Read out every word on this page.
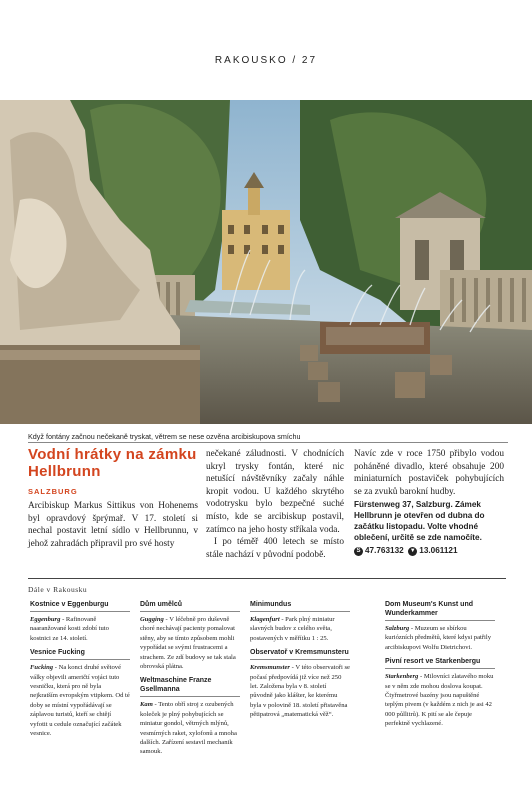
RAKOUSKO / 27
Když fontány začnou nečekaně tryskat, větrem se nese ozvěna arcibiskupova smíchu
Vodní hrátky na zámku Hellbrunn
SALZBURG

Arcibiskup Markus Sittikus von Hohenems byl opravdový šprýmař. V 17. století si nechal postavit letní sídlo v Hellbrunnu, v jehož zahradách připravil pro své hosty

nečekané záludnosti. V chodnících ukryl trysky fontán, které nic netušící návštěvníky začaly náhle kropit vodou. U každého skrytého vodotrysku bylo bezpečné suché místo, kde se arcibiskup postavil, zatímco na jeho hosty stříkala voda.

I po téměř 400 letech se místo stále nachází v původní podobě.

Navíc zde v roce 1750 přibylo vodou poháněné divadlo, které obsahuje 200 miniaturních postaviček pohybujících se za zvuků barokní hudby.

Fürstenweg 37, Salzburg. Zámek Hellbrunn je otevřen od dubna do začátku listopadu. Volte vhodné oblečení, určitě se zde namočíte.
S 47.763132 ▼ 13.061121
Dále v Rakousku
Kostnice v Eggenburgu

Eggenburg - Rafinovaně naaranžované kosti zdobí tuto kostnici ze 14. století.

Vesnice Fucking

Fucking - Na konci druhé světové války objevili američtí vojáci tuto vesničku, která pro ně byla nejkratším evropským vtipkem. Od té doby se místní vypořádávají se záplavou turistů, kteří se chtějí vyfotit u cedule označující začátek vesnice.

Dům umělců

Gugging - V léčebně pro duševně choré nechávají pacienty pomalovat stěny, aby se tímto způsobem mohli vypořádat se svými frustracemi a strachem. Ze zdí budovy se tak stala obrovská plátna.

Weltmaschine Franze Gsellmanna

Kam - Tento obří stroj z ozubených koleček je plný pohybujících se miniatur gondol, větrných mlýnů, vesmírných raket, xylofonů a mnoha dalších. Zařízení sestavil mechanik samouk.

Minimundus

Klagenfurt - Park plný miniatur slavných budov z celého světa, postavených v měřítku 1 : 25.

Observatoř v Kremsmunsteru

Kremsmunster - V této observatoři se počasí předpovídá již více než 250 let. Založena byla v 8. století původně jako klášter, ke kterému byla v polovině 18. století přistavěna pětipatrová „matematická věž“.

Dom Museum's Kunst und Wunderkammer

Salzburg - Muzeum se sbírkou kuriózních předmětů, které kdysi patřily arcibiskupovi Wolfu Dietrichovi.

Pivní resort ve Starkenbergu

Starkenberg - Milovníci zlatavého moku se v něm zde mohou doslova koupat. Čtyřmetrové bazény jsou napuštěné teplým pivem (v každém z nich je asi 42 000 půllitrů). K pití se ale čepuje perfektně vychlazené.
